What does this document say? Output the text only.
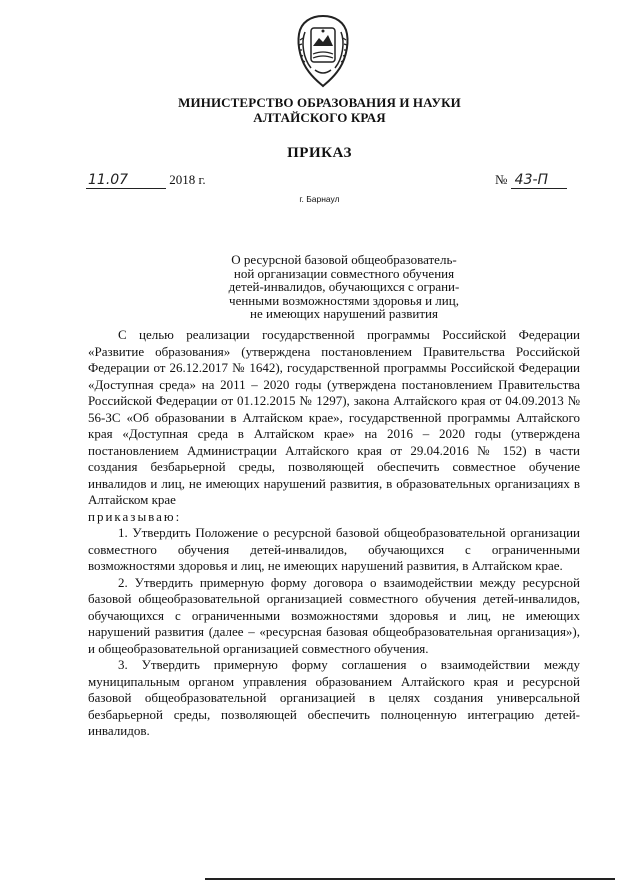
МИНИСТЕРСТВО ОБРАЗОВАНИЯ И НАУКИ
АЛТАЙСКОГО КРАЯ
ПРИКАЗ
11.07	2018 г.	№ 43-П
г. Барнаул
О ресурсной базовой общеобразователь-
ной организации совместного обучения
детей-инвалидов, обучающихся с ограни-
ченными возможностями здоровья и лиц,
не имеющих нарушений развития

С целью реализации государственной программы Российской Федерации «Развитие образования» (утверждена постановлением Правительства Российской Федерации от 26.12.2017 № 1642), государственной программы Российской Федерации «Доступная среда» на 2011 – 2020 годы (утверждена постановлением Правительства Российской Федерации от 01.12.2015 № 1297), закона Алтайского края от 04.09.2013 № 56-ЗС «Об образовании в Алтайском крае», государственной программы Алтайского края «Доступная среда в Алтайском крае» на 2016 – 2020 годы (утверждена постановлением Администрации Алтайского края от 29.04.2016 № 152) в части создания безбарьерной среды, позволяющей обеспечить совместное обучение инвалидов и лиц, не имеющих нарушений развития, в образовательных организациях в Алтайском крае

приказываю:

1. Утвердить Положение о ресурсной базовой общеобразовательной организации совместного обучения детей-инвалидов, обучающихся с ограниченными возможностями здоровья и лиц, не имеющих нарушений развития, в Алтайском крае.

2. Утвердить примерную форму договора о взаимодействии между ресурсной базовой общеобразовательной организацией совместного обучения детей-инвалидов, обучающихся с ограниченными возможностями здоровья и лиц, не имеющих нарушений развития (далее – «ресурсная базовая общеобразовательная организация»), и общеобразовательной организацией совместного обучения.

3. Утвердить примерную форму соглашения о взаимодействии между муниципальным органом управления образованием Алтайского края и ресурсной базовой общеобразовательной организацией в целях создания универсальной безбарьерной среды, позволяющей обеспечить полноценную интеграцию детей-инвалидов.
